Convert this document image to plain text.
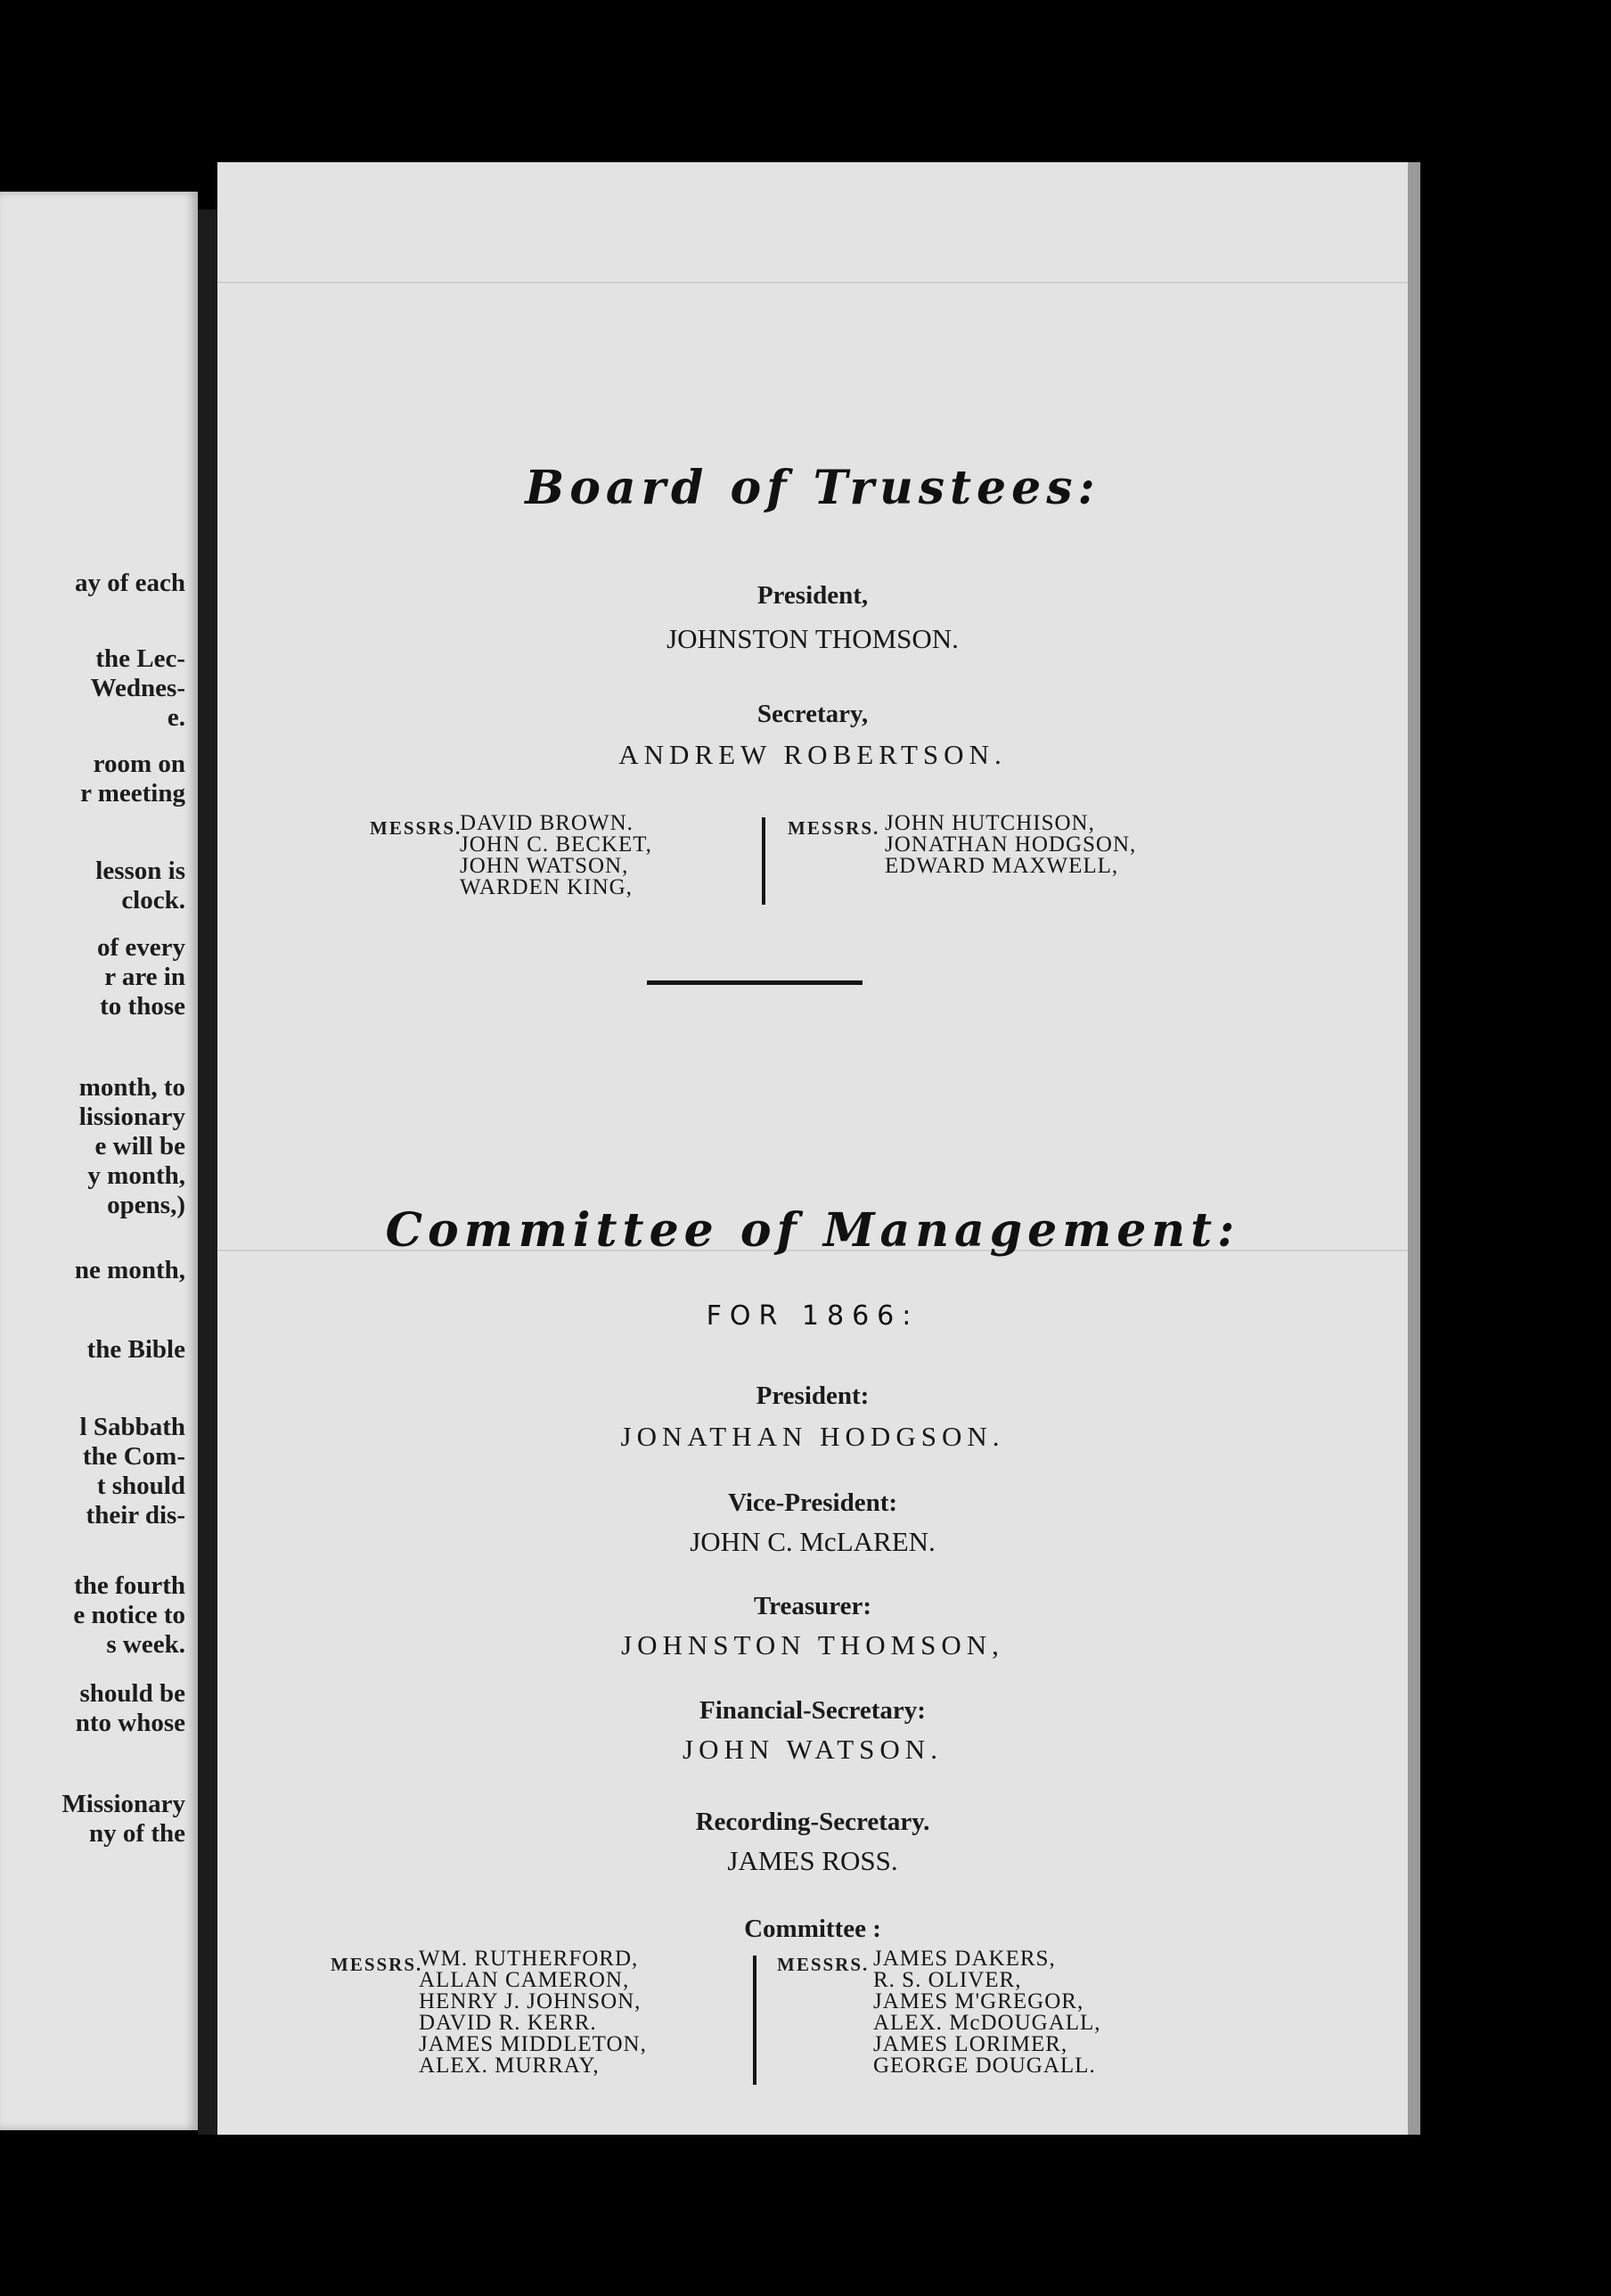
ay of each

the Lec-

Wednes-

e.

room on

r meeting

lesson is

clock.

of every

r are in

to those

month, to

lissionary

e will be

y month,

opens,)

ne month,

the Bible

l Sabbath

the Com-

t should

their dis-

the fourth

e notice to

s week.

should be

nto whose

Missionary

ny of the

Board of Trustees:

President,

JOHNSTON THOMSON.

Secretary,

ANDREW ROBERTSON.

MESSRS.

DAVID BROWN.
JOHN C. BECKET,
JOHN WATSON,
WARDEN KING,

MESSRS. JOHN HUTCHISON,
JONATHAN HODGSON,
EDWARD MAXWELL,

Committee of Management:

FOR 1866:

President:

JONATHAN HODGSON.

Vice-President:

JOHN C. McLAREN.

Treasurer:

JOHNSTON THOMSON,

Financial-Secretary:

JOHN WATSON.

Recording-Secretary.

JAMES ROSS.

Committee :

MESSRS.

WM. RUTHERFORD,
ALLAN CAMERON,
HENRY J. JOHNSON,
DAVID R. KERR.
JAMES MIDDLETON,
ALEX. MURRAY,

MESSRS. JAMES DAKERS,
R. S. OLIVER,
JAMES M'GREGOR,
ALEX. McDOUGALL,
JAMES LORIMER,
GEORGE DOUGALL.
